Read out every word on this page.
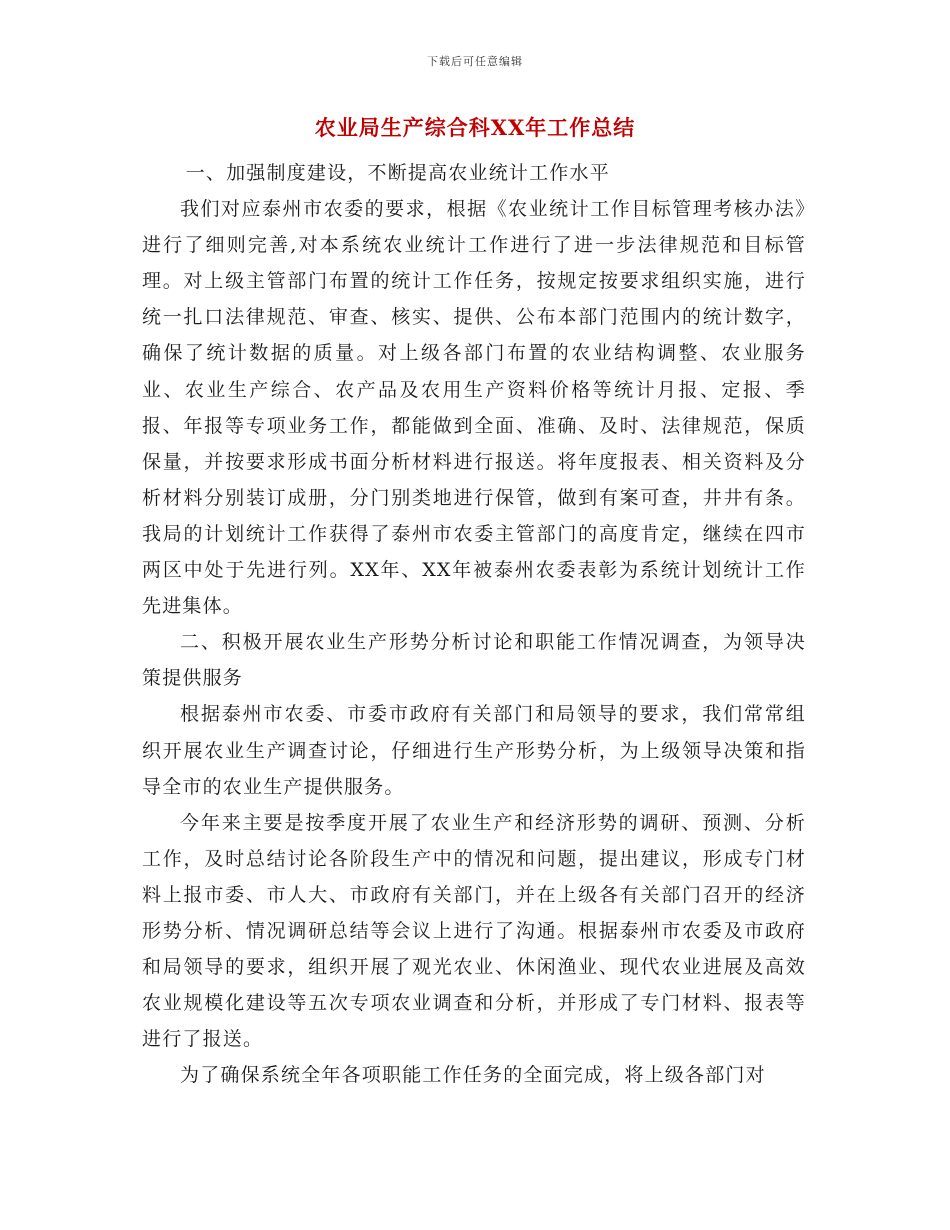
下载后可任意编辑
农业局生产综合科XX年工作总结

一、加强制度建设，不断提高农业统计工作水平

我们对应泰州市农委的要求，根据《农业统计工作目标管理考核办法》进行了细则完善,对本系统农业统计工作进行了进一步法律规范和目标管理。对上级主管部门布置的统计工作任务，按规定按要求组织实施，进行统一扎口法律规范、审查、核实、提供、公布本部门范围内的统计数字，确保了统计数据的质量。对上级各部门布置的农业结构调整、农业服务业、农业生产综合、农产品及农用生产资料价格等统计月报、定报、季报、年报等专项业务工作，都能做到全面、准确、及时、法律规范，保质保量，并按要求形成书面分析材料进行报送。将年度报表、相关资料及分析材料分别装订成册，分门别类地进行保管，做到有案可查，井井有条。我局的计划统计工作获得了泰州市农委主管部门的高度肯定，继续在四市两区中处于先进行列。XX年、XX年被泰州农委表彰为系统计划统计工作先进集体。

二、积极开展农业生产形势分析讨论和职能工作情况调查，为领导决策提供服务

根据泰州市农委、市委市政府有关部门和局领导的要求，我们常常组织开展农业生产调查讨论，仔细进行生产形势分析，为上级领导决策和指导全市的农业生产提供服务。

今年来主要是按季度开展了农业生产和经济形势的调研、预测、分析工作，及时总结讨论各阶段生产中的情况和问题，提出建议，形成专门材料上报市委、市人大、市政府有关部门，并在上级各有关部门召开的经济形势分析、情况调研总结等会议上进行了沟通。根据泰州市农委及市政府和局领导的要求，组织开展了观光农业、休闲渔业、现代农业进展及高效农业规模化建设等五次专项农业调查和分析，并形成了专门材料、报表等进行了报送。

为了确保系统全年各项职能工作任务的全面完成，将上级各部门对
